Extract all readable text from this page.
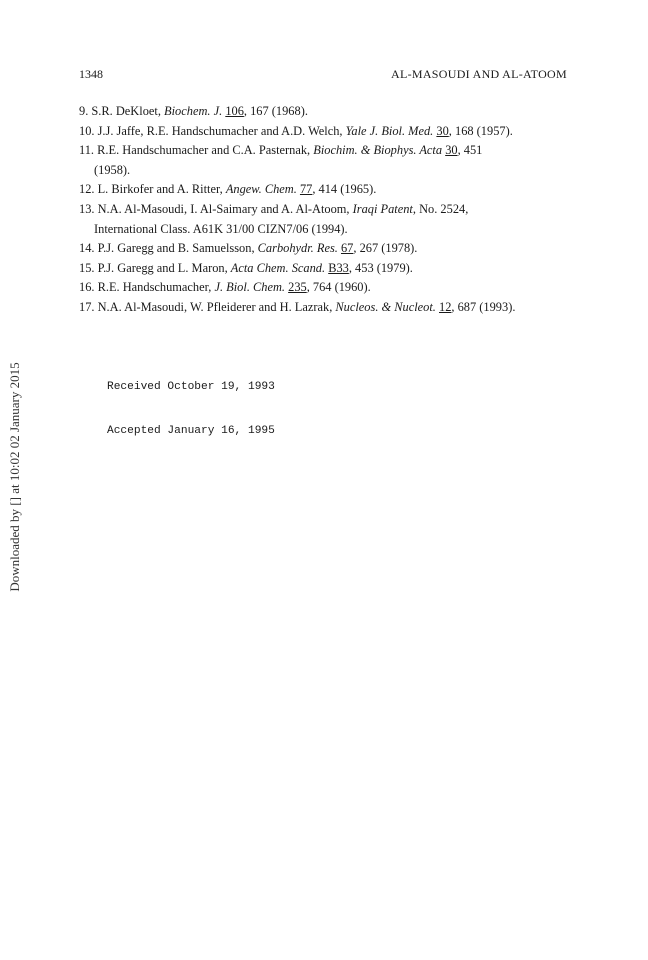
1348	AL-MASOUDI AND AL-ATOOM
9. S.R. DeKloet, Biochem. J. 106, 167 (1968).
10. J.J. Jaffe, R.E. Handschumacher and A.D. Welch, Yale J. Biol. Med. 30, 168 (1957).
11. R.E. Handschumacher and C.A. Pasternak, Biochim. & Biophys. Acta 30, 451
(1958).
12. L. Birkofer and A. Ritter, Angew. Chem. 77, 414 (1965).
13. N.A. Al-Masoudi, I. Al-Saimary and A. Al-Atoom, Iraqi Patent, No. 2524,
International Class. A61K 31/00 CIZN7/06 (1994).
14. P.J. Garegg and B. Samuelsson, Carbohydr. Res. 67, 267 (1978).
15. P.J. Garegg and L. Maron, Acta Chem. Scand. B33, 453 (1979).
16. R.E. Handschumacher, J. Biol. Chem. 235, 764 (1960).
17. N.A. Al-Masoudi, W. Pfleiderer and H. Lazrak, Nucleos. & Nucleot. 12, 687 (1993).

Received October 19, 1993

Accepted January 16, 1995

Downloaded by [] at 10:02 02 January 2015
